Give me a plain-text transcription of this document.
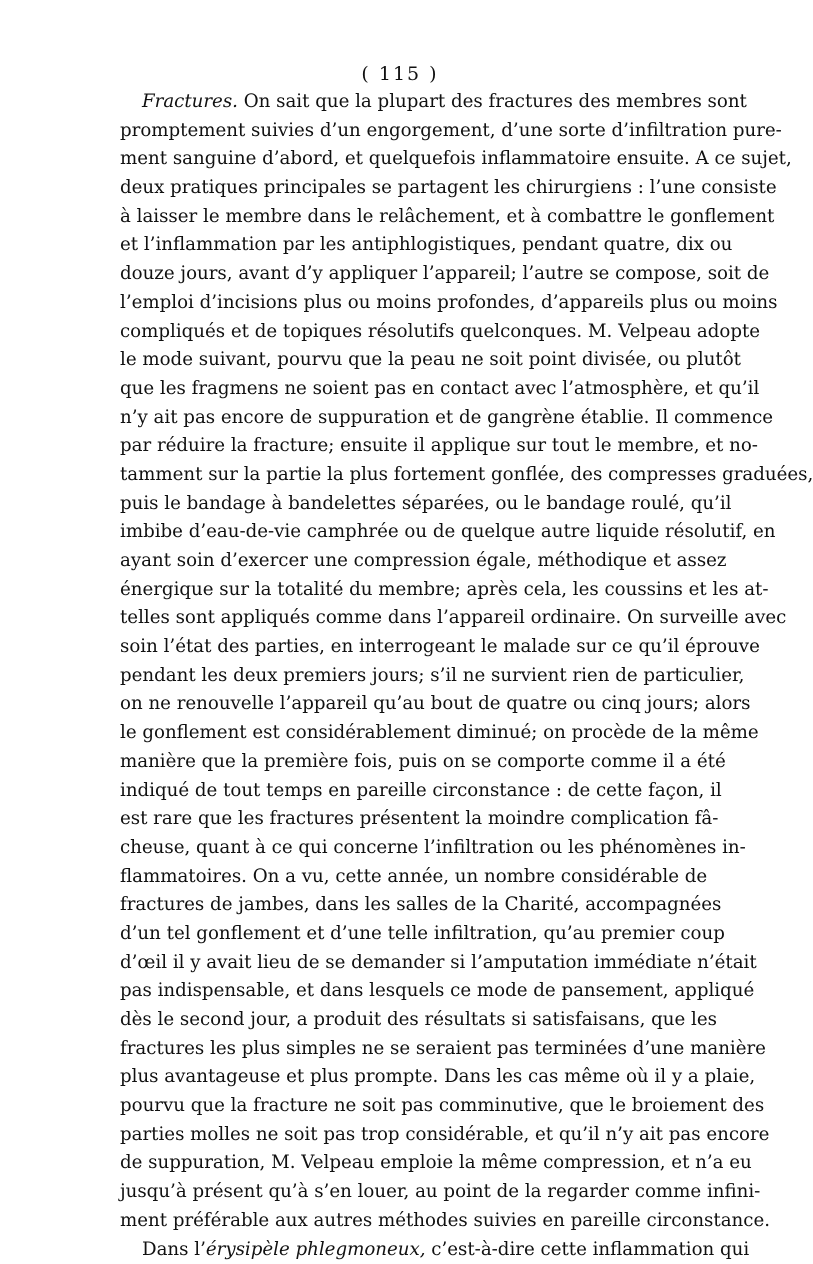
( 115 )
Fractures. On sait que la plupart des fractures des membres sont
promptement suivies d’un engorgement, d’une sorte d’infiltration pure-
ment sanguine d’abord, et quelquefois inflammatoire ensuite. A ce sujet,
deux pratiques principales se partagent les chirurgiens : l’une consiste
à laisser le membre dans le relâchement, et à combattre le gonflement
et l’inflammation par les antiphlogistiques, pendant quatre, dix ou
douze jours, avant d’y appliquer l’appareil; l’autre se compose, soit de
l’emploi d’incisions plus ou moins profondes, d’appareils plus ou moins
compliqués et de topiques résolutifs quelconques. M. Velpeau adopte
le mode suivant, pourvu que la peau ne soit point divisée, ou plutôt
que les fragmens ne soient pas en contact avec l’atmosphère, et qu’il
n’y ait pas encore de suppuration et de gangrène établie. Il commence
par réduire la fracture; ensuite il applique sur tout le membre, et no-
tamment sur la partie la plus fortement gonflée, des compresses graduées,
puis le bandage à bandelettes séparées, ou le bandage roulé, qu’il
imbibe d’eau-de-vie camphrée ou de quelque autre liquide résolutif, en
ayant soin d’exercer une compression égale, méthodique et assez
énergique sur la totalité du membre; après cela, les coussins et les at-
telles sont appliqués comme dans l’appareil ordinaire. On surveille avec
soin l’état des parties, en interrogeant le malade sur ce qu’il éprouve
pendant les deux premiers jours; s’il ne survient rien de particulier,
on ne renouvelle l’appareil qu’au bout de quatre ou cinq jours; alors
le gonflement est considérablement diminué; on procède de la même
manière que la première fois, puis on se comporte comme il a été
indiqué de tout temps en pareille circonstance : de cette façon, il
est rare que les fractures présentent la moindre complication fâ-
cheuse, quant à ce qui concerne l’infiltration ou les phénomènes in-
flammatoires. On a vu, cette année, un nombre considérable de
fractures de jambes, dans les salles de la Charité, accompagnées
d’un tel gonflement et d’une telle infiltration, qu’au premier coup
d’œil il y avait lieu de se demander si l’amputation immédiate n’était
pas indispensable, et dans lesquels ce mode de pansement, appliqué
dès le second jour, a produit des résultats si satisfaisans, que les
fractures les plus simples ne se seraient pas terminées d’une manière
plus avantageuse et plus prompte. Dans les cas même où il y a plaie,
pourvu que la fracture ne soit pas comminutive, que le broiement des
parties molles ne soit pas trop considérable, et qu’il n’y ait pas encore
de suppuration, M. Velpeau emploie la même compression, et n’a eu
jusqu’à présent qu’à s’en louer, au point de la regarder comme infini-
ment préférable aux autres méthodes suivies en pareille circonstance.
Dans l’érysipèle phlegmoneux, c’est-à-dire cette inflammation qui
